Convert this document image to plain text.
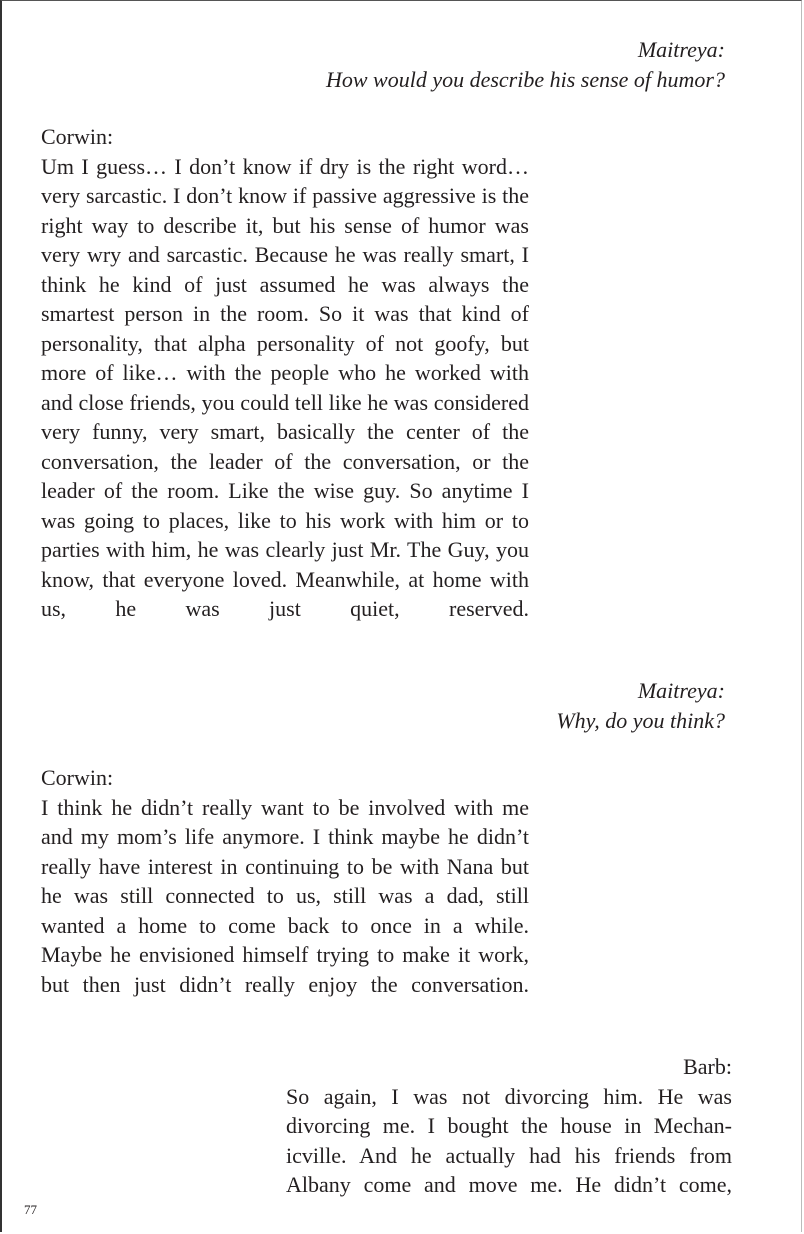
Maitreya:
How would you describe his sense of humor?
Corwin:
Um I guess… I don’t know if dry is the right word… very sarcastic. I don’t know if passive aggressive is the right way to describe it, but his sense of humor was very wry and sarcastic. Because he was really smart, I think he kind of just assumed he was always the smartest person in the room. So it was that kind of personality, that alpha personality of not goofy, but more of like… with the people who he worked with and close friends, you could tell like he was considered very funny, very smart, basically the center of the conversation, the leader of the conversation, or the leader of the room. Like the wise guy. So anytime I was going to places, like to his work with him or to parties with him, he was clearly just Mr. The Guy, you know, that everyone loved. Meanwhile, at home with us, he was just quiet, reserved.
Maitreya:
Why, do you think?
Corwin:
I think he didn’t really want to be involved with me and my mom’s life anymore. I think maybe he didn’t really have interest in continuing to be with Nana but he was still connected to us, still was a dad, still wanted a home to come back to once in a while. Maybe he envisioned himself trying to make it work, but then just didn’t really enjoy the conversation.
Barb:
So again, I was not divorcing him. He was divorcing me. I bought the house in Mechanicville. And he actually had his friends from Albany come and move me. He didn’t come,
77
